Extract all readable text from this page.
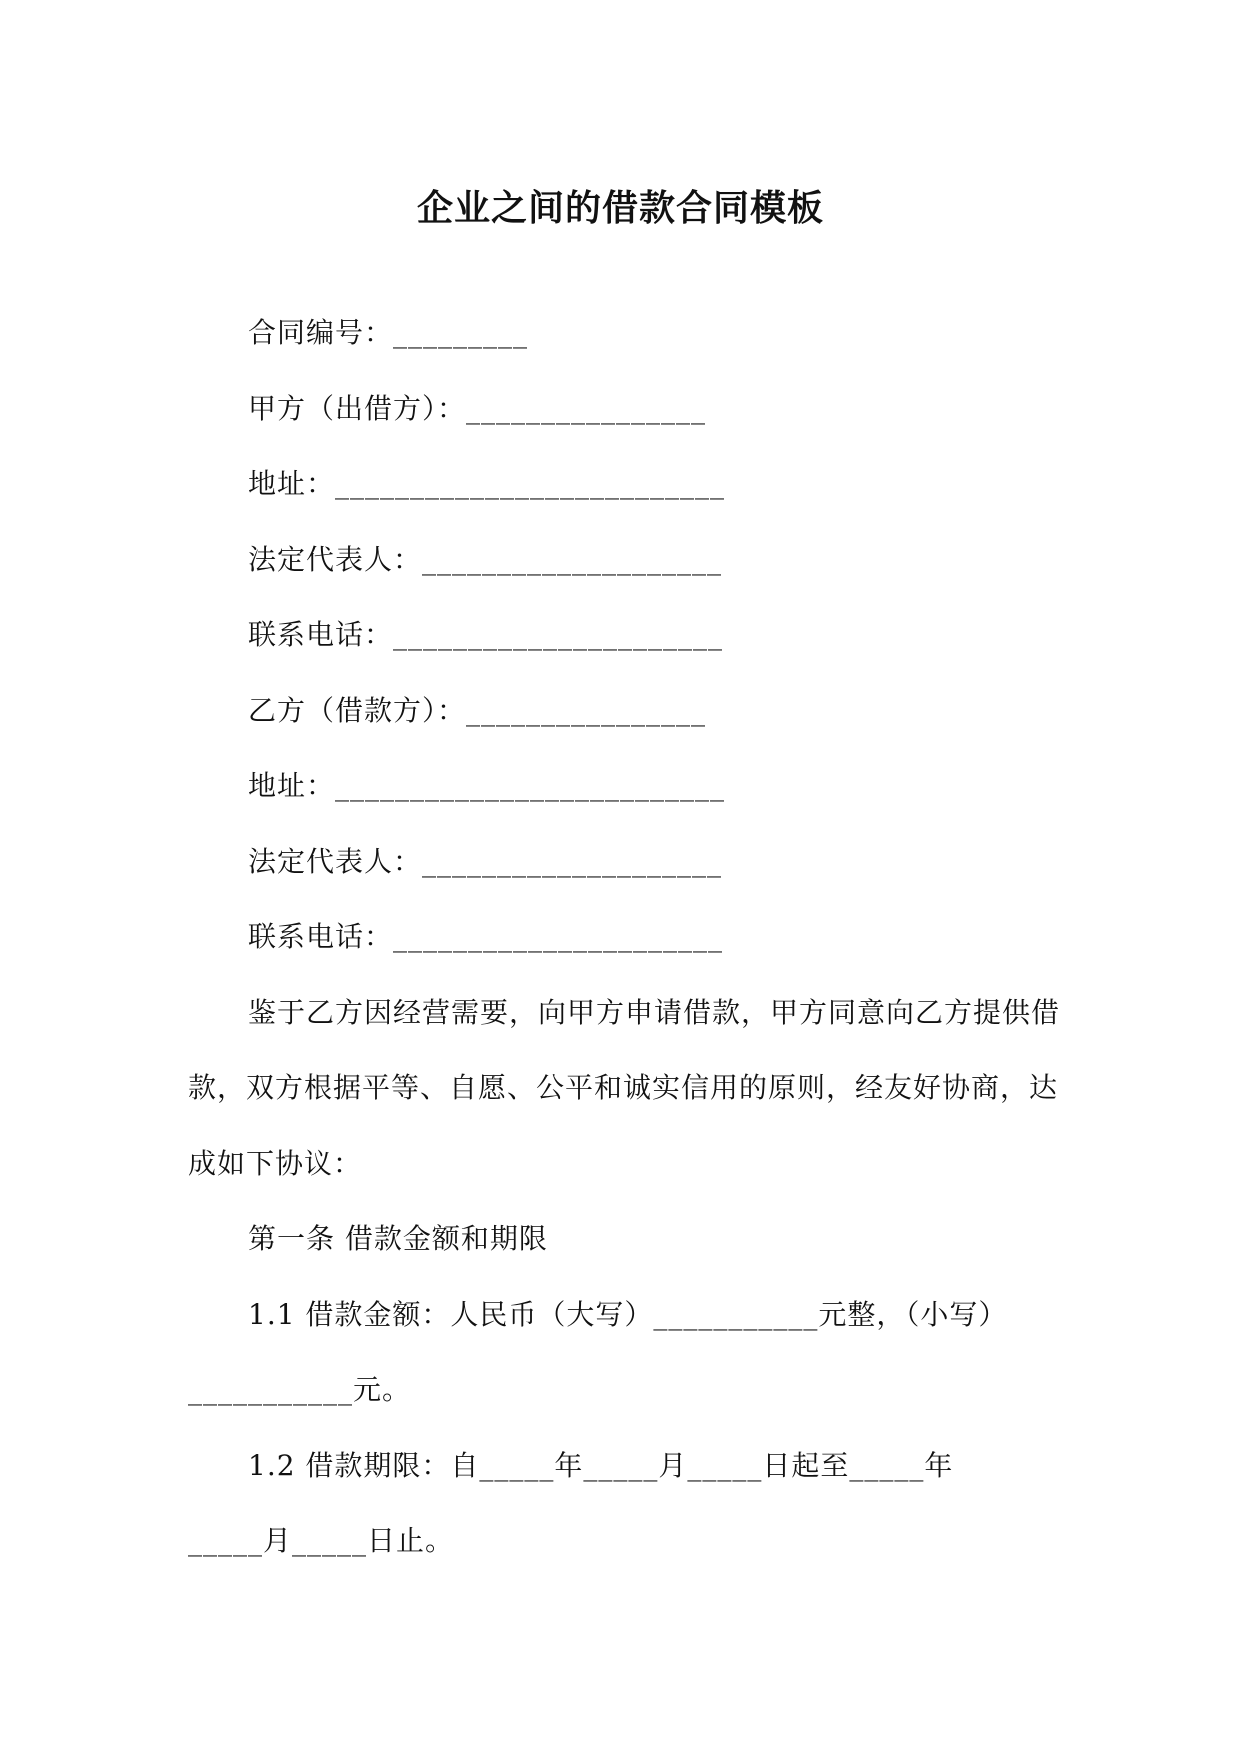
企业之间的借款合同模板
合同编号：_________
甲方（出借方）：________________
地址：__________________________
法定代表人：____________________
联系电话：______________________
乙方（借款方）：________________
地址：__________________________
法定代表人：____________________
联系电话：______________________
鉴于乙方因经营需要，向甲方申请借款，甲方同意向乙方提供借
款，双方根据平等、自愿、公平和诚实信用的原则，经友好协商，达
成如下协议：
第一条 借款金额和期限
1.1 借款金额：人民币（大写）___________元整，（小写）
___________元。
1.2 借款期限：自_____年_____月_____日起至_____年
_____月_____日止。
